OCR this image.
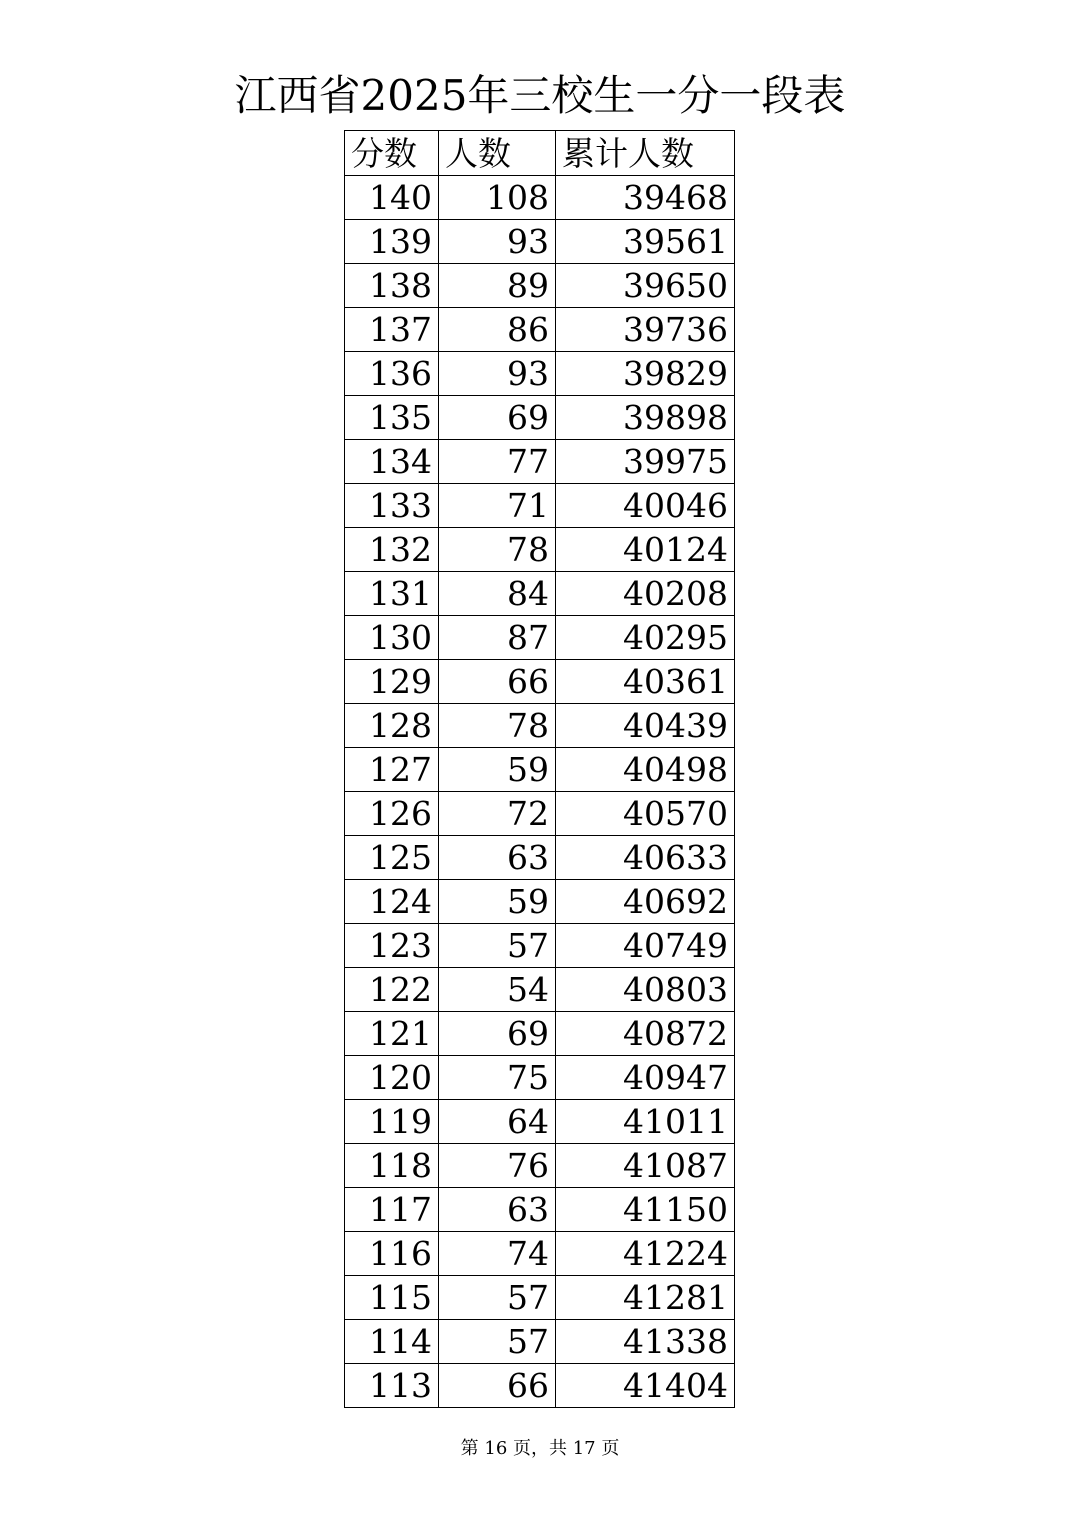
江西省2025年三校生一分一段表
分数	人数	累计人数
140	108	39468
139	93	39561
138	89	39650
137	86	39736
136	93	39829
135	69	39898
134	77	39975
133	71	40046
132	78	40124
131	84	40208
130	87	40295
129	66	40361
128	78	40439
127	59	40498
126	72	40570
125	63	40633
124	59	40692
123	57	40749
122	54	40803
121	69	40872
120	75	40947
119	64	41011
118	76	41087
117	63	41150
116	74	41224
115	57	41281
114	57	41338
113	66	41404
第 16 页，共 17 页
